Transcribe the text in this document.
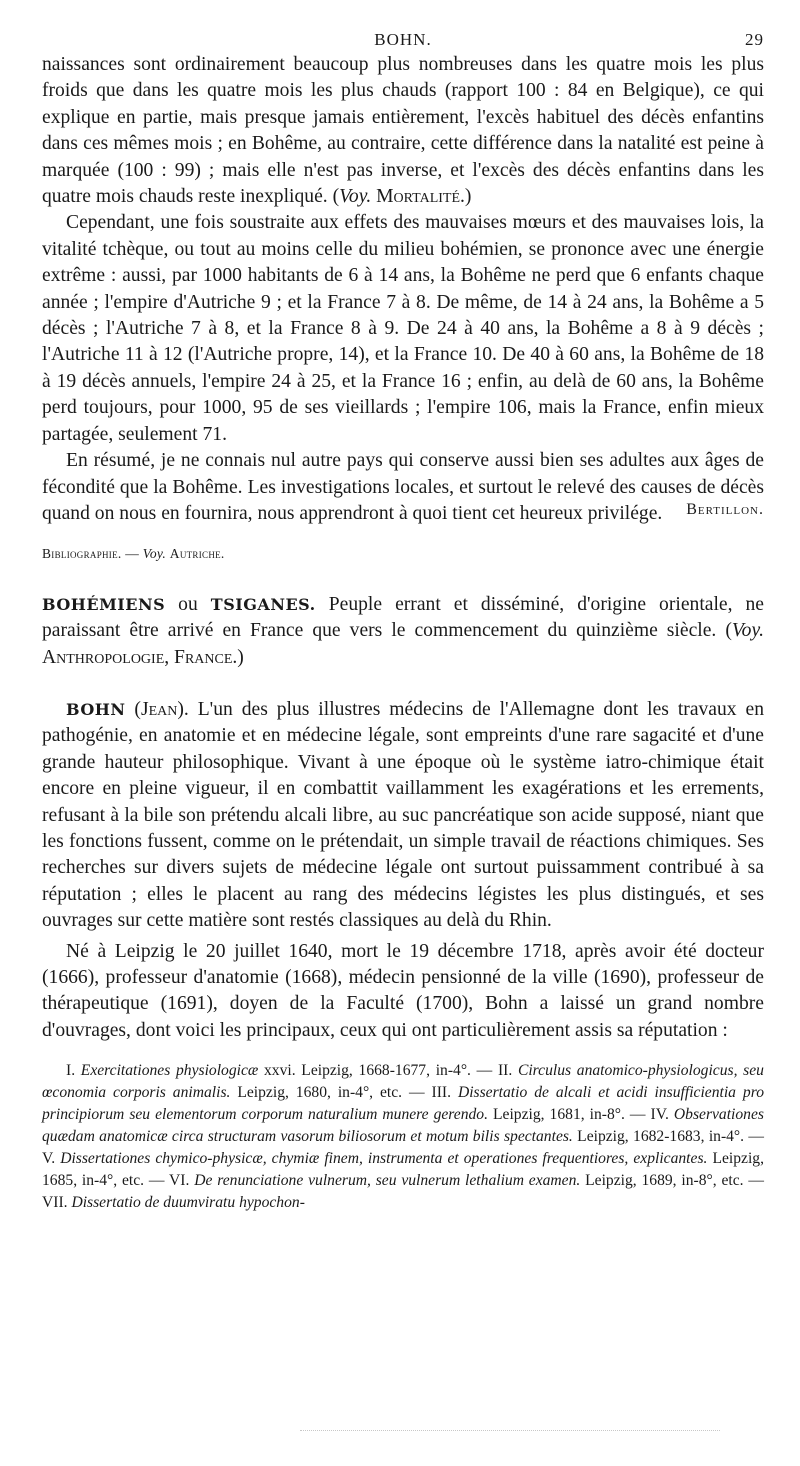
BOHN.	29

naissances sont ordinairement beaucoup plus nombreuses dans les quatre mois les plus froids que dans les quatre mois les plus chauds (rapport 100 : 84 en Belgique), ce qui explique en partie, mais presque jamais entièrement, l'excès habituel des décès enfantins dans ces mêmes mois ; en Bohême, au contraire, cette différence dans la natalité est peine à marquée (100 : 99) ; mais elle n'est pas inverse, et l'excès des décès enfantins dans les quatre mois chauds reste inexpliqué. (Voy. Mortalité.)

Cependant, une fois soustraite aux effets des mauvaises mœurs et des mauvaises lois, la vitalité tchèque, ou tout au moins celle du milieu bohémien, se prononce avec une énergie extrême : aussi, par 1000 habitants de 6 à 14 ans, la Bohême ne perd que 6 enfants chaque année ; l'empire d'Autriche 9 ; et la France 7 à 8. De même, de 14 à 24 ans, la Bohême a 5 décès ; l'Autriche 7 à 8, et la France 8 à 9. De 24 à 40 ans, la Bohême a 8 à 9 décès ; l'Autriche 11 à 12 (l'Autriche propre, 14), et la France 10. De 40 à 60 ans, la Bohême de 18 à 19 décès annuels, l'empire 24 à 25, et la France 16 ; enfin, au delà de 60 ans, la Bohême perd toujours, pour 1000, 95 de ses vieillards ; l'empire 106, mais la France, enfin mieux partagée, seulement 71.

En résumé, je ne connais nul autre pays qui conserve aussi bien ses adultes aux âges de fécondité que la Bohême. Les investigations locales, et surtout le relevé des causes de décès quand on nous en fournira, nous apprendront à quoi tient cet heureux privilége.	Bertillon.

Bibliographie. — Voy. Autriche.

BOHÉMIENS ou TSIGANES. Peuple errant et disséminé, d'origine orientale, ne paraissant être arrivé en France que vers le commencement du quinzième siècle. (Voy. Anthropologie, France.)

BOHN (Jean). L'un des plus illustres médecins de l'Allemagne dont les travaux en pathogénie, en anatomie et en médecine légale, sont empreints d'une rare sagacité et d'une grande hauteur philosophique. Vivant à une époque où le système iatro-chimique était encore en pleine vigueur, il en combattit vaillamment les exagérations et les errements, refusant à la bile son prétendu alcali libre, au suc pancréatique son acide supposé, niant que les fonctions fussent, comme on le prétendait, un simple travail de réactions chimiques. Ses recherches sur divers sujets de médecine légale ont surtout puissamment contribué à sa réputation ; elles le placent au rang des médecins légistes les plus distingués, et ses ouvrages sur cette matière sont restés classiques au delà du Rhin.

Né à Leipzig le 20 juillet 1640, mort le 19 décembre 1718, après avoir été docteur (1666), professeur d'anatomie (1668), médecin pensionné de la ville (1690), professeur de thérapeutique (1691), doyen de la Faculté (1700), Bohn a laissé un grand nombre d'ouvrages, dont voici les principaux, ceux qui ont particulièrement assis sa réputation :

I. Exercitationes physiologicæ xxvi. Leipzig, 1668-1677, in-4°. — II. Circulus anatomico-physiologicus, seu œconomia corporis animalis. Leipzig, 1680, in-4°, etc. — III. Dissertatio de alcali et acidi insufficientia pro principiorum seu elementorum corporum naturalium munere gerendo. Leipzig, 1681, in-8°. — IV. Observationes quædam anatomicæ circa structuram vasorum biliosorum et motum bilis spectantes. Leipzig, 1682-1683, in-4°. — V. Dissertationes chymico-physicæ, chymiæ finem, instrumenta et operationes frequentiores, explicantes. Leipzig, 1685, in-4°, etc. — VI. De renunciatione vulnerum, seu vulnerum lethalium examen. Leipzig, 1689, in-8°, etc. — VII. Dissertatio de duumviratu hypochon-
